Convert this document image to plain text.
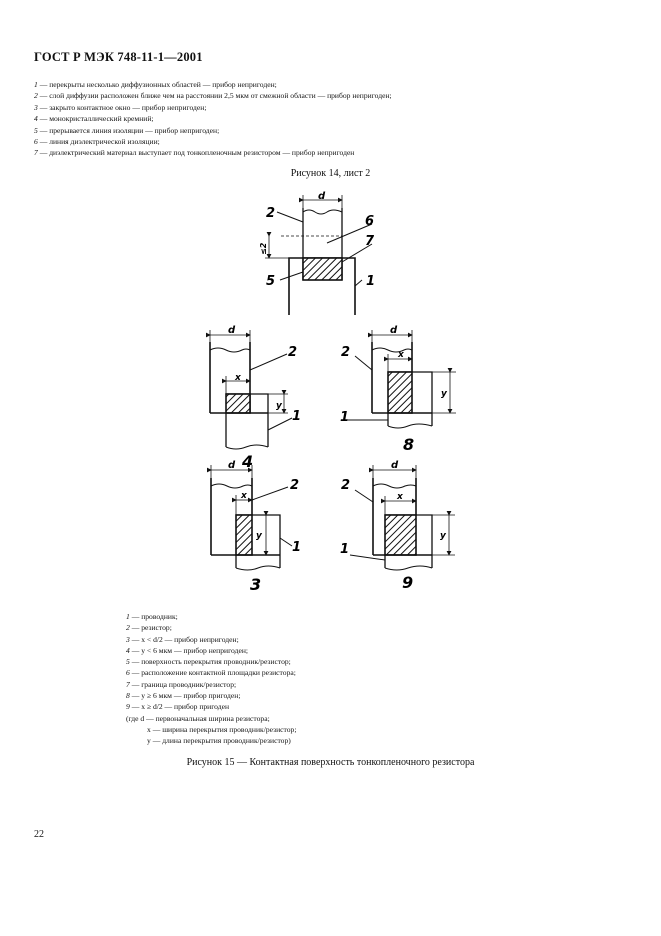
ГОСТ Р МЭК 748-11-1—2001
1 — перекрыты несколько диффузионных областей — прибор непригоден;
2 — слой диффузии расположен ближе чем на расстоянии 2,5 мкм от смежной области — прибор непригоден;
3 — закрыто контактное окно — прибор непригоден;
4 — монокристаллический кремний;
5 — прерывается линия изоляции — прибор непригоден;
6 — линия диэлектрической изоляции;
7 — диэлектрический материал выступает под тонкопленочным резистором — прибор непригоден
Рисунок 14, лист 2
d
2
6
7
5	1
≤2
d
x
y
2
1
4
d
x
y
2
1
8
d
x
y
2
1
3
d
x
y
2
1
9
1 — проводник;
2 — резистор;
3 — x < d/2 — прибор непригоден;
4 — y < 6 мкм — прибор непригоден;
5 — поверхность перекрытия проводник/резистор;
6 — расположение контактной площадки резистора;
7 — граница проводник/резистор;
8 — y ≥ 6 мкм — прибор пригоден;
9 — x ≥ d/2 — прибор пригоден
(где d — первоначальная ширина резистора;
x — ширина перекрытия проводник/резистор;
y — длина перекрытия проводник/резистор)
Рисунок 15 — Контактная поверхность тонкопленочного резистора
22
